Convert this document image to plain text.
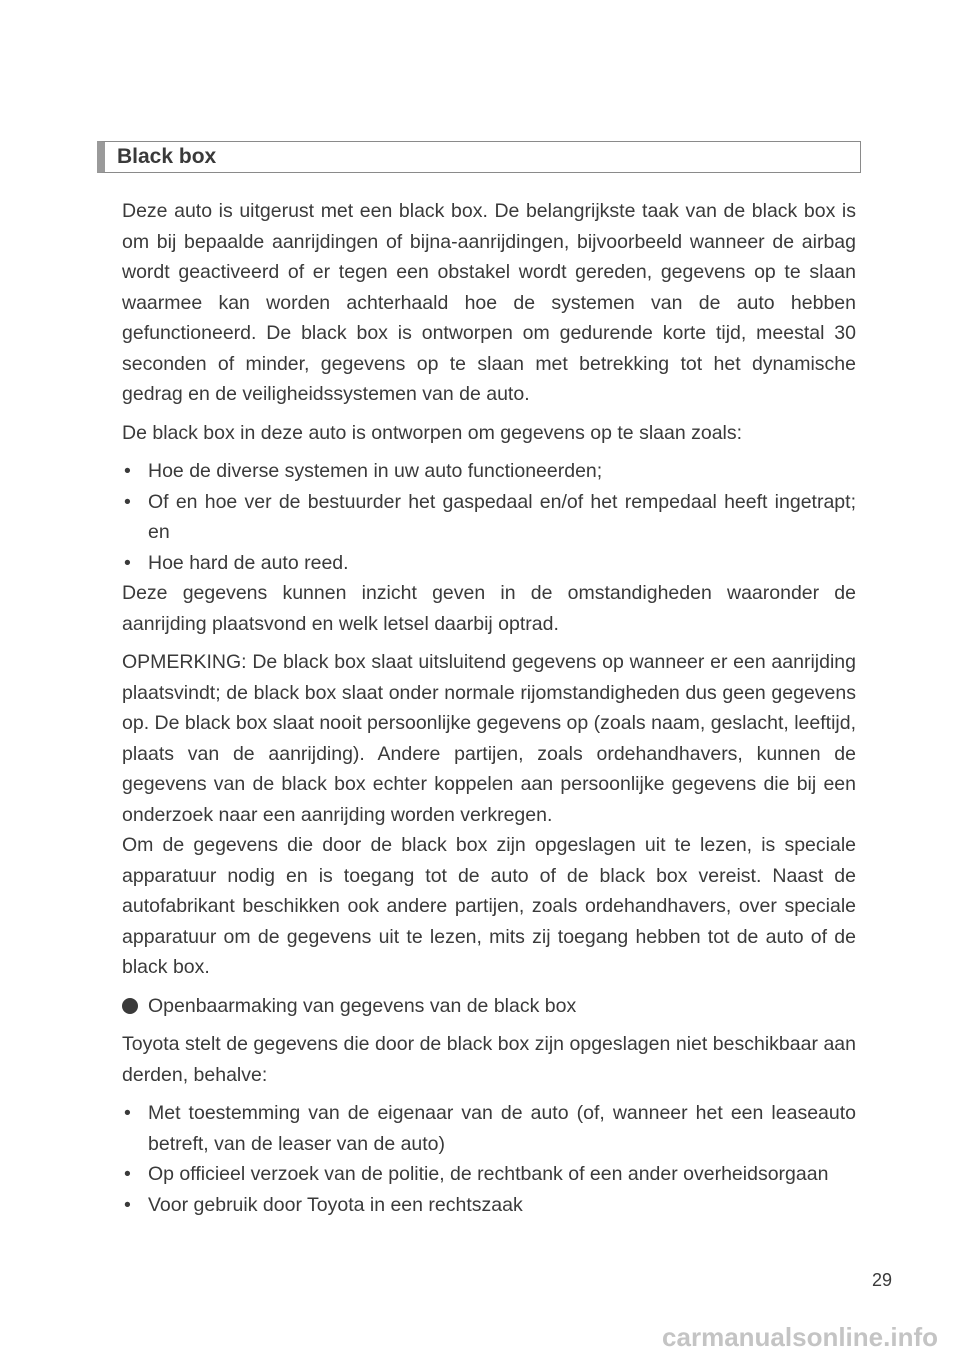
Black box

Deze auto is uitgerust met een black box. De belangrijkste taak van de black box is om bij bepaalde aanrijdingen of bijna-aanrijdingen, bijvoorbeeld wanneer de airbag wordt geactiveerd of er tegen een obstakel wordt gereden, gegevens op te slaan waarmee kan worden achterhaald hoe de systemen van de auto hebben gefunctioneerd. De black box is ontworpen om gedurende korte tijd, meestal 30 seconden of minder, gegevens op te slaan met betrekking tot het dynamische gedrag en de veiligheidssystemen van de auto.

De black box in deze auto is ontworpen om gegevens op te slaan zoals:

• Hoe de diverse systemen in uw auto functioneerden;
• Of en hoe ver de bestuurder het gaspedaal en/of het rempedaal heeft ingetrapt; en
• Hoe hard de auto reed.

Deze gegevens kunnen inzicht geven in de omstandigheden waaronder de aanrijding plaatsvond en welk letsel daarbij optrad.

OPMERKING: De black box slaat uitsluitend gegevens op wanneer er een aanrijding plaatsvindt; de black box slaat onder normale rijomstandigheden dus geen gegevens op. De black box slaat nooit persoonlijke gegevens op (zoals naam, geslacht, leeftijd, plaats van de aanrijding). Andere partijen, zoals ordehandhavers, kunnen de gegevens van de black box echter koppelen aan persoonlijke gegevens die bij een onderzoek naar een aanrijding worden verkregen.

Om de gegevens die door de black box zijn opgeslagen uit te lezen, is speciale apparatuur nodig en is toegang tot de auto of de black box vereist. Naast de autofabrikant beschikken ook andere partijen, zoals ordehandhavers, over speciale apparatuur om de gegevens uit te lezen, mits zij toegang hebben tot de auto of de black box.

Openbaarmaking van gegevens van de black box

Toyota stelt de gegevens die door de black box zijn opgeslagen niet beschikbaar aan derden, behalve:

• Met toestemming van de eigenaar van de auto (of, wanneer het een leaseauto betreft, van de leaser van de auto)
• Op officieel verzoek van de politie, de rechtbank of een ander overheidsorgaan
• Voor gebruik door Toyota in een rechtszaak
29
carmanualsonline.info
